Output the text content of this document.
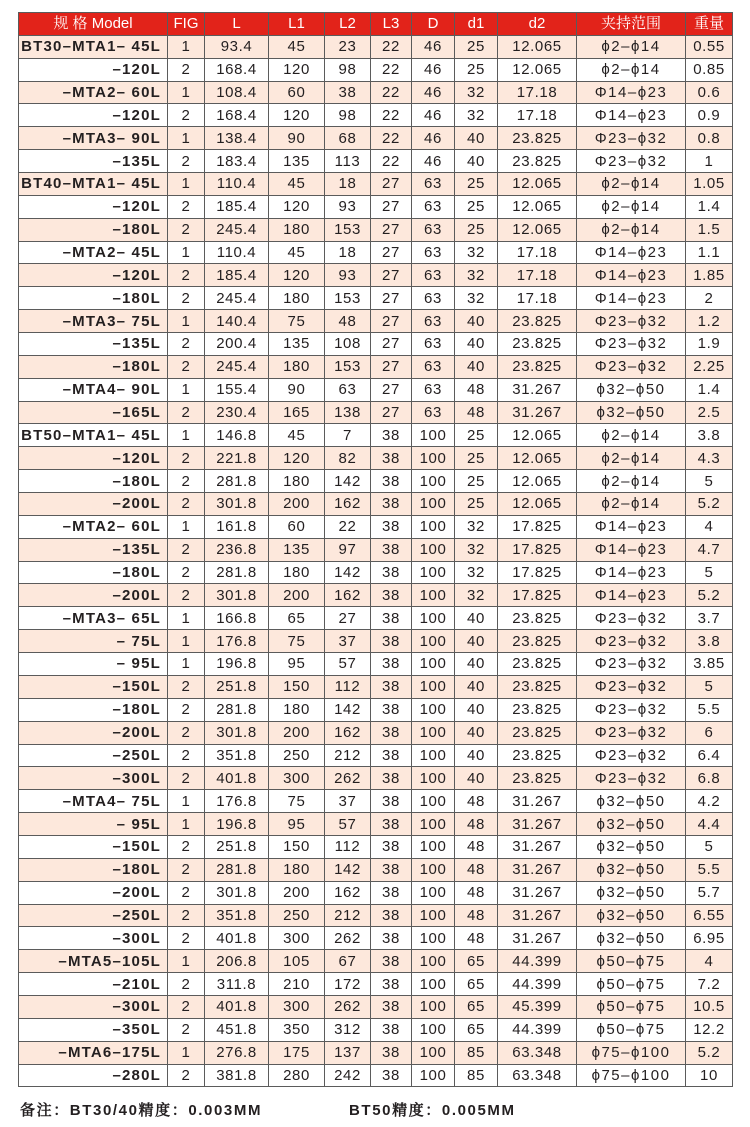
规 格 Model	FIG	L	L1	L2	L3	D	d1	d2	夹持范围	重量
BT30–MTA1– 45L	1	93.4	45	23	22	46	25	12.065	ϕ2–ϕ14	0.55
–120L	2	168.4	120	98	22	46	25	12.065	ϕ2–ϕ14	0.85
–MTA2– 60L	1	108.4	60	38	22	46	32	17.18	Φ14–ϕ23	0.6
–120L	2	168.4	120	98	22	46	32	17.18	Φ14–ϕ23	0.9
–MTA3– 90L	1	138.4	90	68	22	46	40	23.825	Φ23–ϕ32	0.8
–135L	2	183.4	135	113	22	46	40	23.825	Φ23–ϕ32	1
BT40–MTA1– 45L	1	110.4	45	18	27	63	25	12.065	ϕ2–ϕ14	1.05
–120L	2	185.4	120	93	27	63	25	12.065	ϕ2–ϕ14	1.4
–180L	2	245.4	180	153	27	63	25	12.065	ϕ2–ϕ14	1.5
–MTA2– 45L	1	110.4	45	18	27	63	32	17.18	Φ14–ϕ23	1.1
–120L	2	185.4	120	93	27	63	32	17.18	Φ14–ϕ23	1.85
–180L	2	245.4	180	153	27	63	32	17.18	Φ14–ϕ23	2
–MTA3– 75L	1	140.4	75	48	27	63	40	23.825	Φ23–ϕ32	1.2
–135L	2	200.4	135	108	27	63	40	23.825	Φ23–ϕ32	1.9
–180L	2	245.4	180	153	27	63	40	23.825	Φ23–ϕ32	2.25
–MTA4– 90L	1	155.4	90	63	27	63	48	31.267	ϕ32–ϕ50	1.4
–165L	2	230.4	165	138	27	63	48	31.267	ϕ32–ϕ50	2.5
BT50–MTA1– 45L	1	146.8	45	7	38	100	25	12.065	ϕ2–ϕ14	3.8
–120L	2	221.8	120	82	38	100	25	12.065	ϕ2–ϕ14	4.3
–180L	2	281.8	180	142	38	100	25	12.065	ϕ2–ϕ14	5
–200L	2	301.8	200	162	38	100	25	12.065	ϕ2–ϕ14	5.2
–MTA2– 60L	1	161.8	60	22	38	100	32	17.825	Φ14–ϕ23	4
–135L	2	236.8	135	97	38	100	32	17.825	Φ14–ϕ23	4.7
–180L	2	281.8	180	142	38	100	32	17.825	Φ14–ϕ23	5
–200L	2	301.8	200	162	38	100	32	17.825	Φ14–ϕ23	5.2
–MTA3– 65L	1	166.8	65	27	38	100	40	23.825	Φ23–ϕ32	3.7
– 75L	1	176.8	75	37	38	100	40	23.825	Φ23–ϕ32	3.8
– 95L	1	196.8	95	57	38	100	40	23.825	Φ23–ϕ32	3.85
–150L	2	251.8	150	112	38	100	40	23.825	Φ23–ϕ32	5
–180L	2	281.8	180	142	38	100	40	23.825	Φ23–ϕ32	5.5
–200L	2	301.8	200	162	38	100	40	23.825	Φ23–ϕ32	6
–250L	2	351.8	250	212	38	100	40	23.825	Φ23–ϕ32	6.4
–300L	2	401.8	300	262	38	100	40	23.825	Φ23–ϕ32	6.8
–MTA4– 75L	1	176.8	75	37	38	100	48	31.267	ϕ32–ϕ50	4.2
– 95L	1	196.8	95	57	38	100	48	31.267	ϕ32–ϕ50	4.4
–150L	2	251.8	150	112	38	100	48	31.267	ϕ32–ϕ50	5
–180L	2	281.8	180	142	38	100	48	31.267	ϕ32–ϕ50	5.5
–200L	2	301.8	200	162	38	100	48	31.267	ϕ32–ϕ50	5.7
–250L	2	351.8	250	212	38	100	48	31.267	ϕ32–ϕ50	6.55
–300L	2	401.8	300	262	38	100	48	31.267	ϕ32–ϕ50	6.95
–MTA5–105L	1	206.8	105	67	38	100	65	44.399	ϕ50–ϕ75	4
–210L	2	311.8	210	172	38	100	65	44.399	ϕ50–ϕ75	7.2
–300L	2	401.8	300	262	38	100	65	45.399	ϕ50–ϕ75	10.5
–350L	2	451.8	350	312	38	100	65	44.399	ϕ50–ϕ75	12.2
–MTA6–175L	1	276.8	175	137	38	100	85	63.348	ϕ75–ϕ100	5.2
–280L	2	381.8	280	242	38	100	85	63.348	ϕ75–ϕ100	10
备注：BT30/40精度：0.003MM	BT50精度：0.005MM
